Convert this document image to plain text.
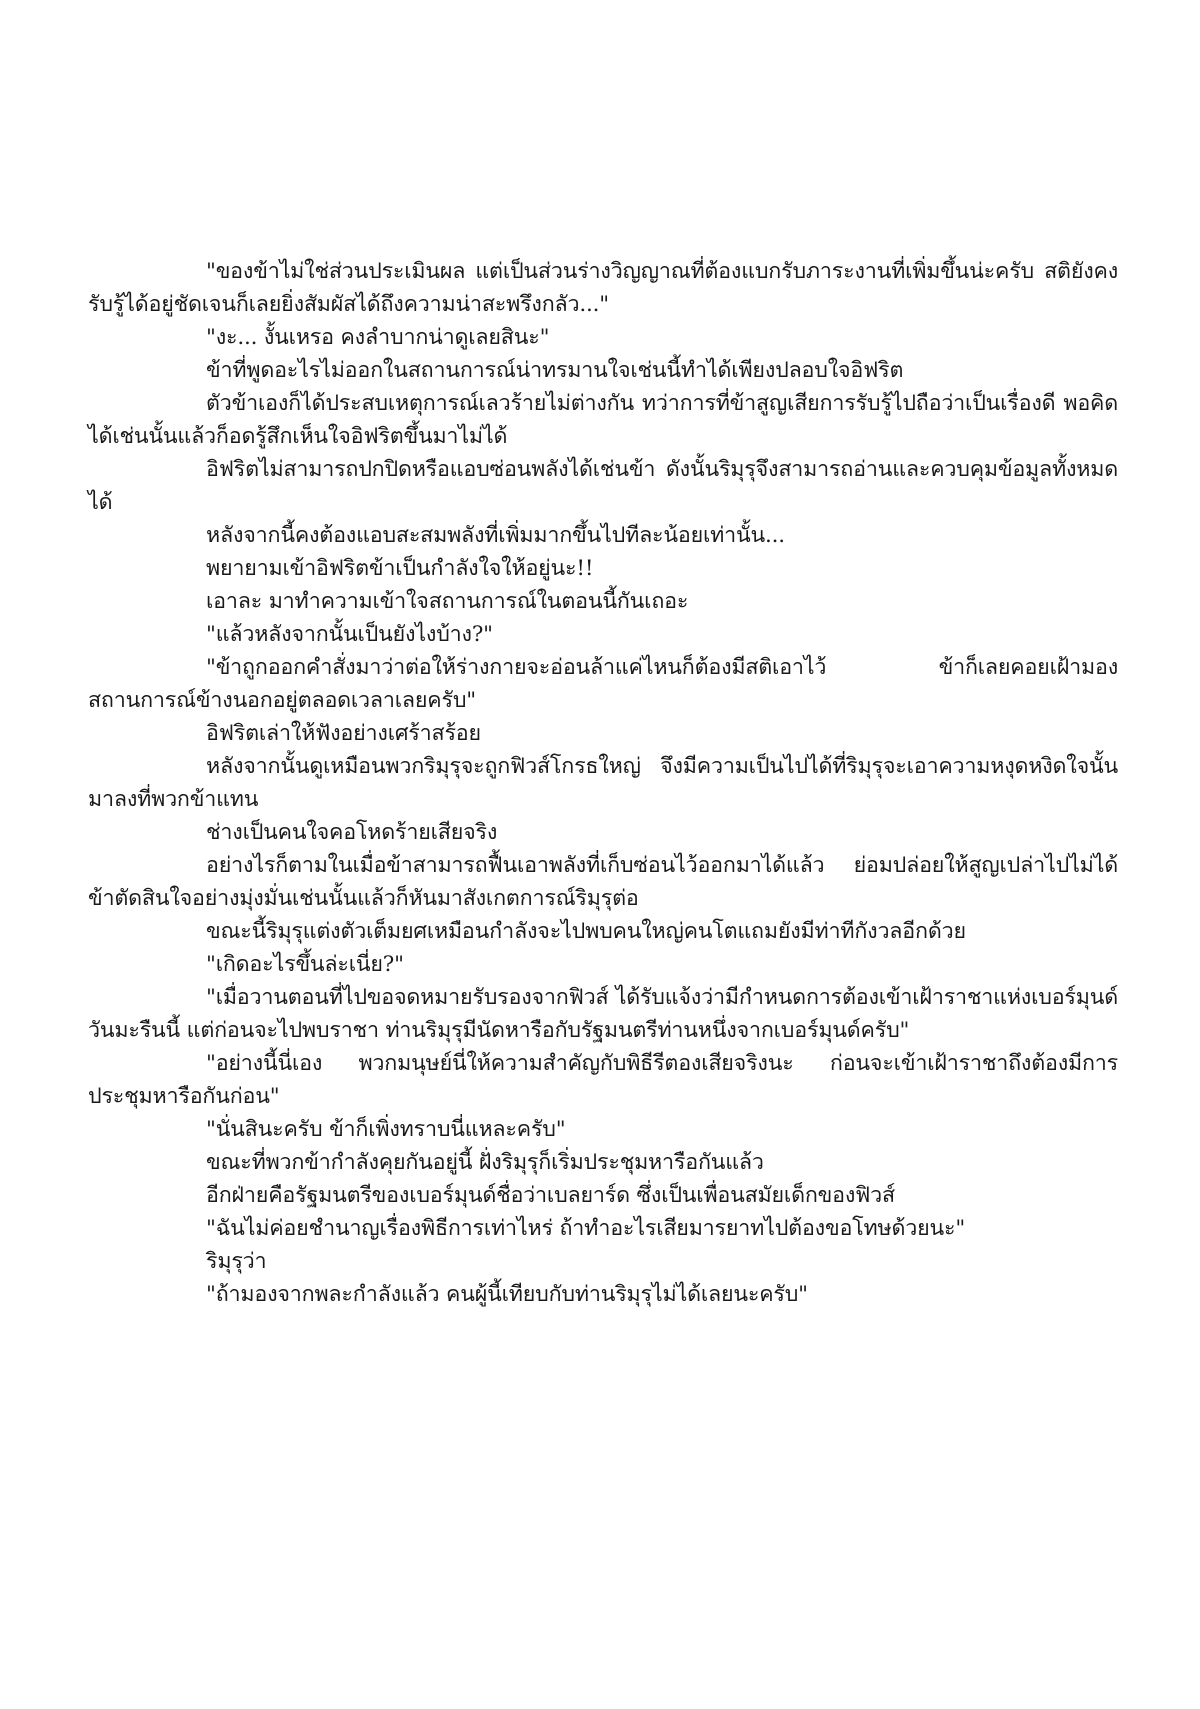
"ของข้าไม่ใช่ส่วนประเมินผล แต่เป็นส่วนร่างวิญญาณที่ต้องแบกรับภาระงานที่เพิ่มขึ้นน่ะครับ สติยังคงรับรู้ได้อยู่ชัดเจนก็เลยยิ่งสัมผัสได้ถึงความน่าสะพรึงกลัว..."

"งะ... งั้นเหรอ คงลำบากน่าดูเลยสินะ"

ข้าที่พูดอะไรไม่ออกในสถานการณ์น่าทรมานใจเช่นนี้ทำได้เพียงปลอบใจอิฟริต

ตัวข้าเองก็ได้ประสบเหตุการณ์เลวร้ายไม่ต่างกัน ทว่าการที่ข้าสูญเสียการรับรู้ไปถือว่าเป็นเรื่องดี พอคิดได้เช่นนั้นแล้วก็อดรู้สึกเห็นใจอิฟริตขึ้นมาไม่ได้

อิฟริตไม่สามารถปกปิดหรือแอบซ่อนพลังได้เช่นข้า ดังนั้นริมุรุจึงสามารถอ่านและควบคุมข้อมูลทั้งหมดได้

หลังจากนี้คงต้องแอบสะสมพลังที่เพิ่มมากขึ้นไปทีละน้อยเท่านั้น...

พยายามเข้าอิฟริตข้าเป็นกำลังใจให้อยู่นะ!!

เอาละ มาทำความเข้าใจสถานการณ์ในตอนนี้กันเถอะ

"แล้วหลังจากนั้นเป็นยังไงบ้าง?"

"ข้าถูกออกคำสั่งมาว่าต่อให้ร่างกายจะอ่อนล้าแค่ไหนก็ต้องมีสติเอาไว้ ข้าก็เลยคอยเฝ้ามองสถานการณ์ข้างนอกอยู่ตลอดเวลาเลยครับ"

อิฟริตเล่าให้ฟังอย่างเศร้าสร้อย

หลังจากนั้นดูเหมือนพวกริมุรุจะถูกฟิวส์โกรธใหญ่ จึงมีความเป็นไปได้ที่ริมุรุจะเอาความหงุดหงิดใจนั้น มาลงที่พวกข้าแทน

ช่างเป็นคนใจคอโหดร้ายเสียจริง

อย่างไรก็ตามในเมื่อข้าสามารถฟื้นเอาพลังที่เก็บซ่อนไว้ออกมาได้แล้ว ย่อมปล่อยให้สูญเปล่าไปไม่ได้ ข้าตัดสินใจอย่างมุ่งมั่นเช่นนั้นแล้วก็หันมาสังเกตการณ์ริมุรุต่อ

ขณะนี้ริมุรุแต่งตัวเต็มยศเหมือนกำลังจะไปพบคนใหญ่คนโตแถมยังมีท่าทีกังวลอีกด้วย

"เกิดอะไรขึ้นล่ะเนี่ย?"

"เมื่อวานตอนที่ไปขอจดหมายรับรองจากฟิวส์ ได้รับแจ้งว่ามีกำหนดการต้องเข้าเฝ้าราชาแห่งเบอร์มุนด์วันมะรืนนี้ แต่ก่อนจะไปพบราชา ท่านริมุรุมีนัดหารือกับรัฐมนตรีท่านหนึ่งจากเบอร์มุนด์ครับ"

"อย่างนี้นี่เอง พวกมนุษย์นี่ให้ความสำคัญกับพิธีรีตองเสียจริงนะ ก่อนจะเข้าเฝ้าราชาถึงต้องมีการประชุมหารือกันก่อน"

"นั่นสินะครับ ข้าก็เพิ่งทราบนี่แหละครับ"

ขณะที่พวกข้ากำลังคุยกันอยู่นี้ ฝั่งริมุรุก็เริ่มประชุมหารือกันแล้ว

อีกฝ่ายคือรัฐมนตรีของเบอร์มุนด์ชื่อว่าเบลยาร์ด ซึ่งเป็นเพื่อนสมัยเด็กของฟิวส์

"ฉันไม่ค่อยชำนาญเรื่องพิธีการเท่าไหร่ ถ้าทำอะไรเสียมารยาทไปต้องขอโทษด้วยนะ"

ริมุรุว่า

"ถ้ามองจากพละกำลังแล้ว คนผู้นี้เทียบกับท่านริมุรุไม่ได้เลยนะครับ"
